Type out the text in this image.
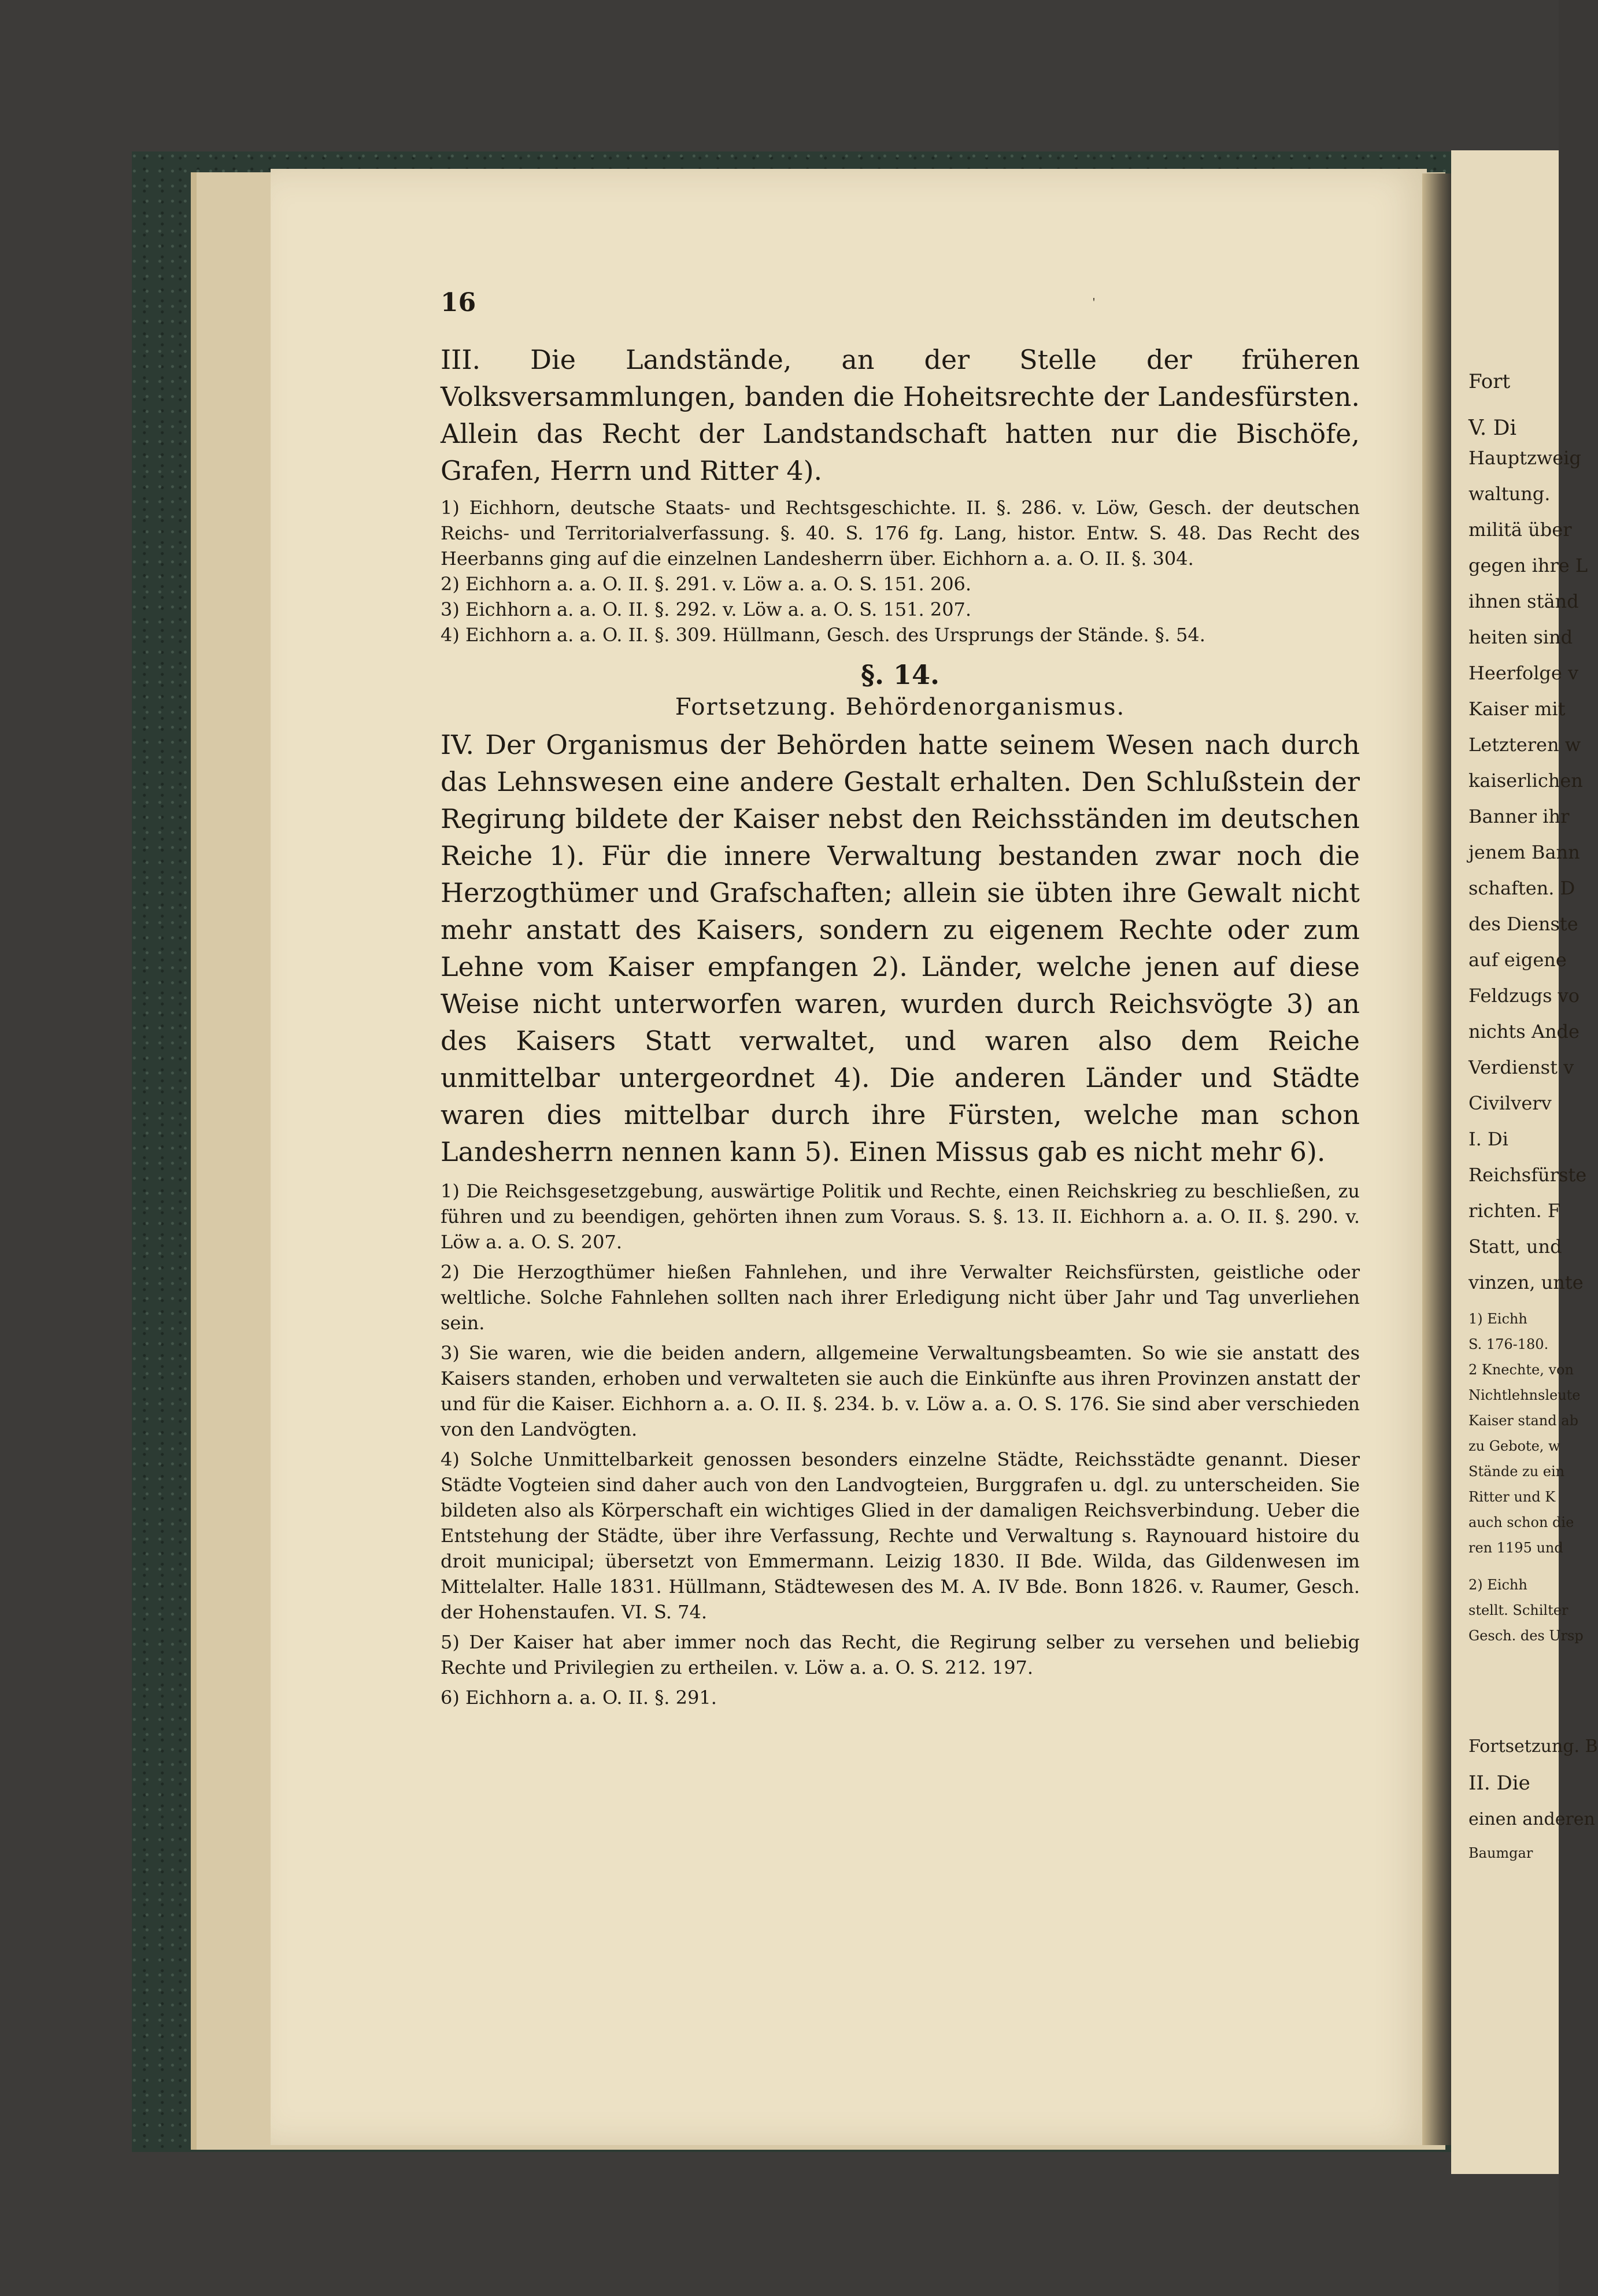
16	'

III. Die Landstände, an der Stelle der früheren Volksversammlungen, banden die Hoheitsrechte der Landesfürsten. Allein das Recht der Landstandschaft hatten nur die Bischöfe, Grafen, Herrn und Ritter 4).

1) Eichhorn, deutsche Staats- und Rechtsgeschichte. II. §. 286. v. Löw, Gesch. der deutschen Reichs- und Territorialverfassung. §. 40. S. 176 fg. Lang, histor. Entw. S. 48. Das Recht des Heerbanns ging auf die einzelnen Landesherrn über. Eichhorn a. a. O. II. §. 304.

2) Eichhorn a. a. O. II. §. 291. v. Löw a. a. O. S. 151. 206.

3) Eichhorn a. a. O. II. §. 292. v. Löw a. a. O. S. 151. 207.

4) Eichhorn a. a. O. II. §. 309. Hüllmann, Gesch. des Ursprungs der Stände. §. 54.

§. 14.

Fortsetzung. Behördenorganismus.

IV. Der Organismus der Behörden hatte seinem Wesen nach durch das Lehnswesen eine andere Gestalt erhalten. Den Schlußstein der Regirung bildete der Kaiser nebst den Reichsständen im deutschen Reiche 1). Für die innere Verwaltung bestanden zwar noch die Herzogthümer und Grafschaften; allein sie übten ihre Gewalt nicht mehr anstatt des Kaisers, sondern zu eigenem Rechte oder zum Lehne vom Kaiser empfangen 2). Länder, welche jenen auf diese Weise nicht unterworfen waren, wurden durch Reichsvögte 3) an des Kaisers Statt verwaltet, und waren also dem Reiche unmittelbar untergeordnet 4). Die anderen Länder und Städte waren dies mittelbar durch ihre Fürsten, welche man schon Landesherrn nennen kann 5). Einen Missus gab es nicht mehr 6).

1) Die Reichsgesetzgebung, auswärtige Politik und Rechte, einen Reichskrieg zu beschließen, zu führen und zu beendigen, gehörten ihnen zum Voraus. S. §. 13. II. Eichhorn a. a. O. II. §. 290. v. Löw a. a. O. S. 207.

2) Die Herzogthümer hießen Fahnlehen, und ihre Verwalter Reichsfürsten, geistliche oder weltliche. Solche Fahnlehen sollten nach ihrer Erledigung nicht über Jahr und Tag unverliehen sein.

3) Sie waren, wie die beiden andern, allgemeine Verwaltungsbeamten. So wie sie anstatt des Kaisers standen, erhoben und verwalteten sie auch die Einkünfte aus ihren Provinzen anstatt der und für die Kaiser. Eichhorn a. a. O. II. §. 234. b. v. Löw a. a. O. S. 176. Sie sind aber verschieden von den Landvögten.

4) Solche Unmittelbarkeit genossen besonders einzelne Städte, Reichsstädte genannt. Dieser Städte Vogteien sind daher auch von den Landvogteien, Burggrafen u. dgl. zu unterscheiden. Sie bildeten also als Körperschaft ein wichtiges Glied in der damaligen Reichsverbindung. Ueber die Entstehung der Städte, über ihre Verfassung, Rechte und Verwaltung s. Raynouard histoire du droit municipal; übersetzt von Emmermann. Leizig 1830. II Bde. Wilda, das Gildenwesen im Mittelalter. Halle 1831. Hüllmann, Städtewesen des M. A. IV Bde. Bonn 1826. v. Raumer, Gesch. der Hohenstaufen. VI. S. 74.

5) Der Kaiser hat aber immer noch das Recht, die Regirung selber zu versehen und beliebig Rechte und Privilegien zu ertheilen. v. Löw a. a. O. S. 212. 197.

6) Eichhorn a. a. O. II. §. 291.

Fort
V. Di
Hauptzweig
waltung.
militä über
gegen ihre L
ihnen ständ
heiten sind
Heerfolge v
Kaiser mit
Letzteren w
kaiserlichen
Banner ihr
jenem Bann
schaften. D
des Dienste
auf eigene
Feldzugs vo
nichts Ande
Verdienst v
Civilverv
I. Di
Reichsfürste
richten. F
Statt, und
vinzen, unte
1) Eichh
S. 176-180.
2 Knechte, von
Nichtlehnsleute
Kaiser stand ab
zu Gebote, w
Stände zu ein
Ritter und K
auch schon die
ren 1195 und
2) Eichh
stellt. Schilter
Gesch. des Ursp
Fortsetzung. B
II. Die
einen anderen
Baumgar
